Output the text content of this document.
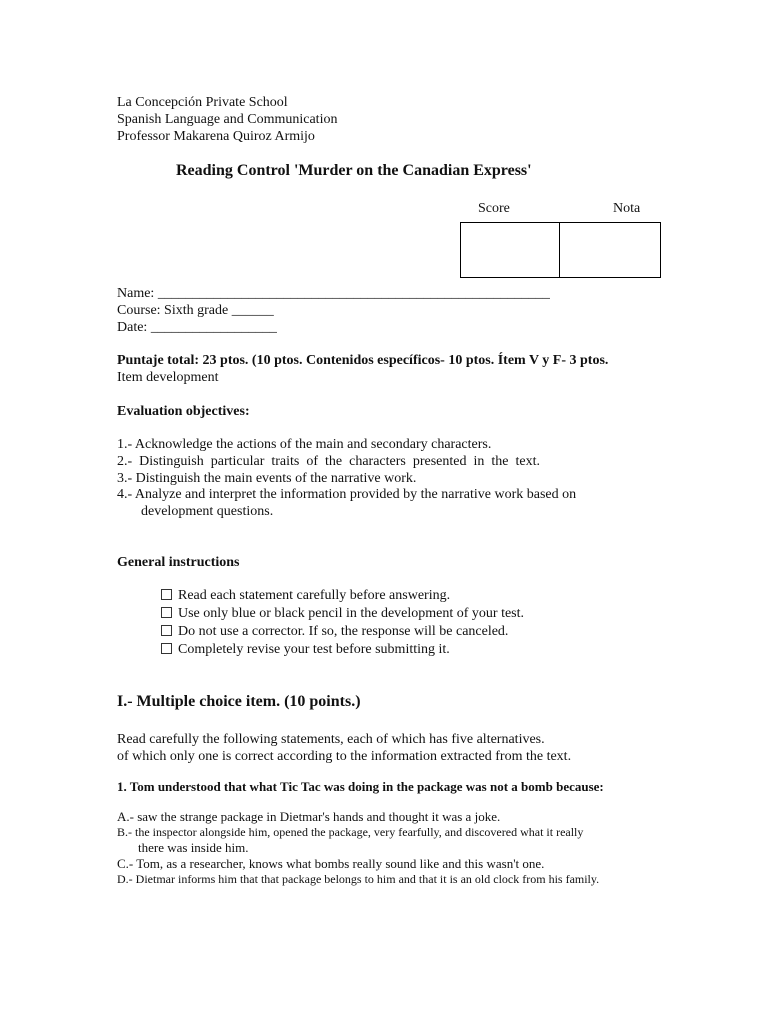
La Concepción Private School
Spanish Language and Communication
Professor Makarena Quiroz Armijo
Reading Control 'Murder on the Canadian Express'
Score	Nota
Name: ________________________________________________________
Course: Sixth grade ______
Date: __________________
Puntaje total: 23 ptos. (10 ptos. Contenidos específicos- 10 ptos. Ítem V y F- 3 ptos.
Item development
Evaluation objectives:
1.- Acknowledge the actions of the main and secondary characters.
2.-  Distinguish  particular  traits  of  the  characters  presented  in  the  text.
3.- Distinguish the main events of the narrative work.
4.- Analyze and interpret the information provided by the narrative work based on
development questions.
General instructions
Read each statement carefully before answering.
Use only blue or black pencil in the development of your test.
Do not use a corrector. If so, the response will be canceled.
Completely revise your test before submitting it.
I.- Multiple choice item. (10 points.)
Read carefully the following statements, each of which has five alternatives.
of which only one is correct according to the information extracted from the text.
1. Tom understood that what Tic Tac was doing in the package was not a bomb because:
A.- saw the strange package in Dietmar's hands and thought it was a joke.
B.- the inspector alongside him, opened the package, very fearfully, and discovered what it really
there was inside him.
C.- Tom, as a researcher, knows what bombs really sound like and this wasn't one.
D.- Dietmar informs him that that package belongs to him and that it is an old clock from his family.
